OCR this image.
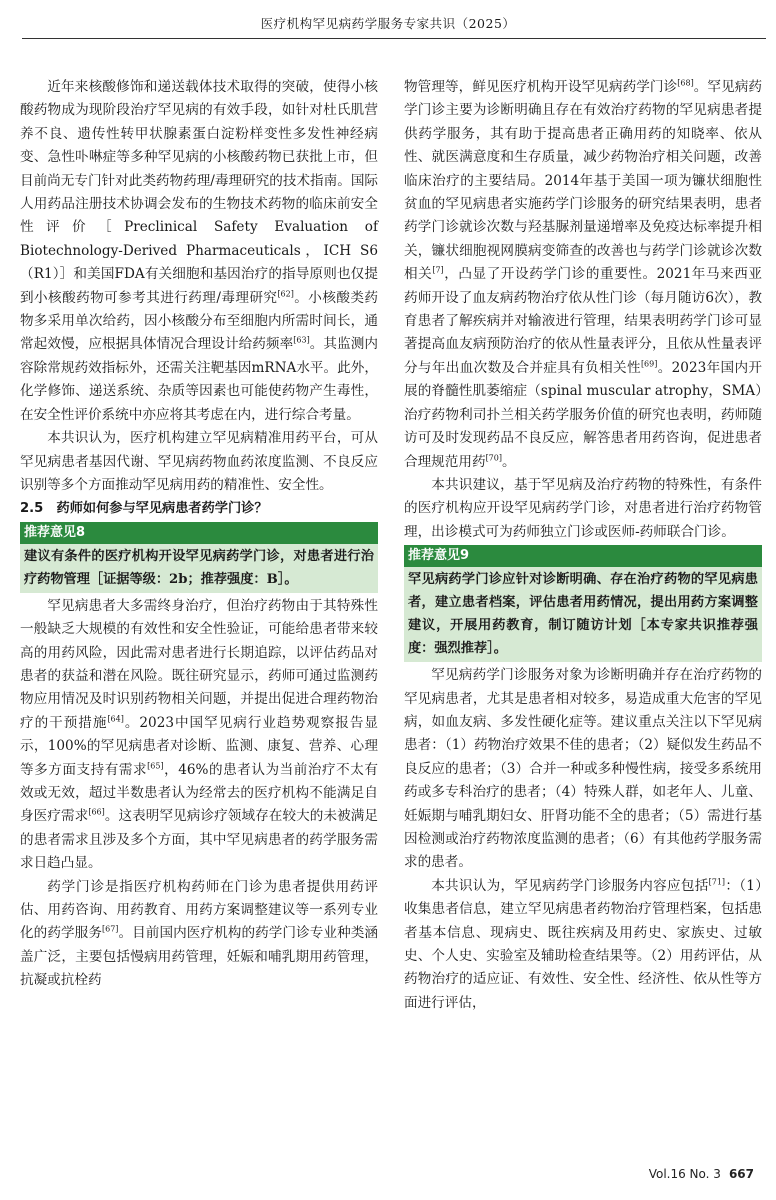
医疗机构罕见病药学服务专家共识（2025）

近年来核酸修饰和递送载体技术取得的突破，使得小核酸药物成为现阶段治疗罕见病的有效手段，如针对杜氏肌营养不良、遗传性转甲状腺素蛋白淀粉样变性多发性神经病变、急性卟啉症等多种罕见病的小核酸药物已获批上市，但目前尚无专门针对此类药物药理/毒理研究的技术指南。国际人用药品注册技术协调会发布的生物技术药物的临床前安全性评价［Preclinical Safety Evaluation of Biotechnology-Derived Pharmaceuticals，ICH S6（R1）］和美国FDA有关细胞和基因治疗的指导原则也仅提到小核酸药物可参考其进行药理/毒理研究[62]。小核酸类药物多采用单次给药，因小核酸分布至细胞内所需时间长，通常起效慢，应根据具体情况合理设计给药频率[63]。其监测内容除常规药效指标外，还需关注靶基因mRNA水平。此外，化学修饰、递送系统、杂质等因素也可能使药物产生毒性，在安全性评价系统中亦应将其考虑在内，进行综合考量。

本共识认为，医疗机构建立罕见病精准用药平台，可从罕见病患者基因代谢、罕见病药物血药浓度监测、不良反应识别等多个方面推动罕见病用药的精准性、安全性。

2.5　药师如何参与罕见病患者药学门诊？
推荐意见8
建议有条件的医疗机构开设罕见病药学门诊，对患者进行治疗药物管理［证据等级：2b；推荐强度：B］。

罕见病患者大多需终身治疗，但治疗药物由于其特殊性一般缺乏大规模的有效性和安全性验证，可能给患者带来较高的用药风险，因此需对患者进行长期追踪，以评估药品对患者的获益和潜在风险。既往研究显示，药师可通过监测药物应用情况及时识别药物相关问题，并提出促进合理药物治疗的干预措施[64]。2023中国罕见病行业趋势观察报告显示，100%的罕见病患者对诊断、监测、康复、营养、心理等多方面支持有需求[65]，46%的患者认为当前治疗不太有效或无效，超过半数患者认为经常去的医疗机构不能满足自身医疗需求[66]。这表明罕见病诊疗领域存在较大的未被满足的患者需求且涉及多个方面，其中罕见病患者的药学服务需求日趋凸显。

药学门诊是指医疗机构药师在门诊为患者提供用药评估、用药咨询、用药教育、用药方案调整建议等一系列专业化的药学服务[67]。目前国内医疗机构的药学门诊专业种类涵盖广泛，主要包括慢病用药管理，妊娠和哺乳期用药管理，抗凝或抗栓药

物管理等，鲜见医疗机构开设罕见病药学门诊[68]。罕见病药学门诊主要为诊断明确且存在有效治疗药物的罕见病患者提供药学服务，其有助于提高患者正确用药的知晓率、依从性、就医满意度和生存质量，减少药物治疗相关问题，改善临床治疗的主要结局。2014年基于美国一项为镰状细胞性贫血的罕见病患者实施药学门诊服务的研究结果表明，患者药学门诊就诊次数与羟基脲剂量递增率及免疫达标率提升相关，镰状细胞视网膜病变筛查的改善也与药学门诊就诊次数相关[7]，凸显了开设药学门诊的重要性。2021年马来西亚药师开设了血友病药物治疗依从性门诊（每月随访6次），教育患者了解疾病并对输液进行管理，结果表明药学门诊可显著提高血友病预防治疗的依从性量表评分，且依从性量表评分与年出血次数及合并症具有负相关性[69]。2023年国内开展的脊髓性肌萎缩症（spinal muscular atrophy，SMA）治疗药物利司扑兰相关药学服务价值的研究也表明，药师随访可及时发现药品不良反应，解答患者用药咨询，促进患者合理规范用药[70]。

本共识建议，基于罕见病及治疗药物的特殊性，有条件的医疗机构应开设罕见病药学门诊，对患者进行治疗药物管理，出诊模式可为药师独立门诊或医师-药师联合门诊。

推荐意见9
罕见病药学门诊应针对诊断明确、存在治疗药物的罕见病患者，建立患者档案，评估患者用药情况，提出用药方案调整建议，开展用药教育，制订随访计划［本专家共识推荐强度：强烈推荐］。

罕见病药学门诊服务对象为诊断明确并存在治疗药物的罕见病患者，尤其是患者相对较多，易造成重大危害的罕见病，如血友病、多发性硬化症等。建议重点关注以下罕见病患者：（1）药物治疗效果不佳的患者；（2）疑似发生药品不良反应的患者；（3）合并一种或多种慢性病，接受多系统用药或多专科治疗的患者；（4）特殊人群，如老年人、儿童、妊娠期与哺乳期妇女、肝肾功能不全的患者；（5）需进行基因检测或治疗药物浓度监测的患者；（6）有其他药学服务需求的患者。

本共识认为，罕见病药学门诊服务内容应包括[71]：（1）收集患者信息，建立罕见病患者药物治疗管理档案，包括患者基本信息、现病史、既往疾病及用药史、家族史、过敏史、个人史、实验室及辅助检查结果等。（2）用药评估，从药物治疗的适应证、有效性、安全性、经济性、依从性等方面进行评估，

Vol.16 No. 3 667
